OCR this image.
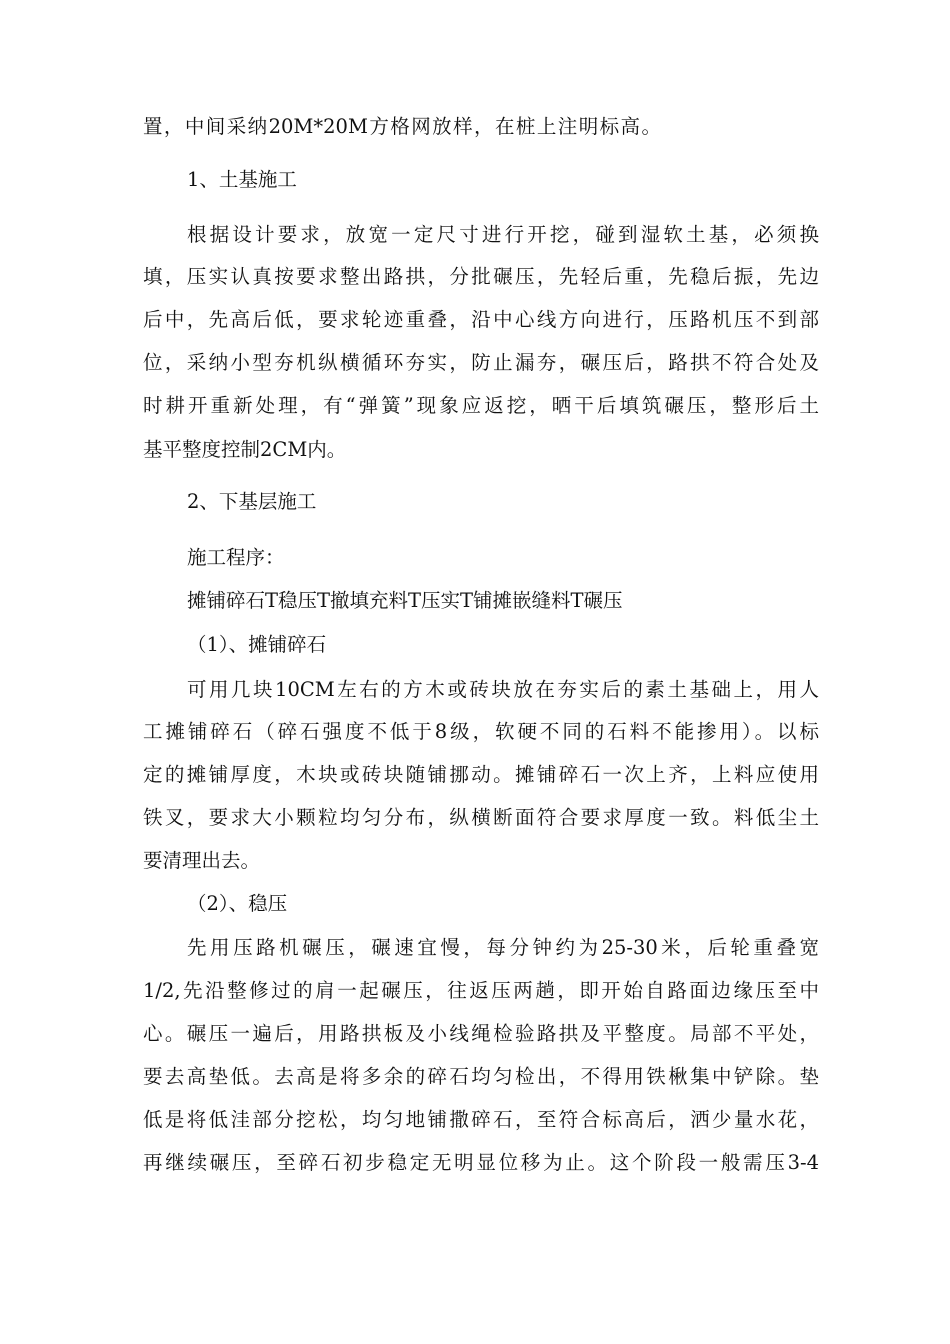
置，中间采纳20M*20M方格网放样，在桩上注明标高。
1、土基施工
根据设计要求，放宽一定尺寸进行开挖，碰到湿软土基，必须换
填，压实认真按要求整出路拱，分批碾压，先轻后重，先稳后振，先边
后中，先高后低，要求轮迹重叠，沿中心线方向进行，压路机压不到部
位，采纳小型夯机纵横循环夯实，防止漏夯，碾压后，路拱不符合处及
时耕开重新处理，有“弹簧”现象应返挖，晒干后填筑碾压，整形后土
基平整度控制2CM内。
2、下基层施工
施工程序：
摊铺碎石T稳压T撤填充料T压实T铺摊嵌缝料T碾压
（1）、摊铺碎石
可用几块10CM左右的方木或砖块放在夯实后的素土基础上，用人
工摊铺碎石（碎石强度不低于8级，软硬不同的石料不能掺用）。以标
定的摊铺厚度，木块或砖块随铺挪动。摊铺碎石一次上齐，上料应使用
铁叉，要求大小颗粒均匀分布，纵横断面符合要求厚度一致。料低尘土
要清理出去。
（2）、稳压
先用压路机碾压，碾速宜慢，每分钟约为25-30米，后轮重叠宽
1/2,先沿整修过的肩一起碾压，往返压两趟，即开始自路面边缘压至中
心。碾压一遍后，用路拱板及小线绳检验路拱及平整度。局部不平处，
要去高垫低。去高是将多余的碎石均匀检出，不得用铁楸集中铲除。垫
低是将低洼部分挖松，均匀地铺撒碎石，至符合标高后，洒少量水花，
再继续碾压，至碎石初步稳定无明显位移为止。这个阶段一般需压3-4
